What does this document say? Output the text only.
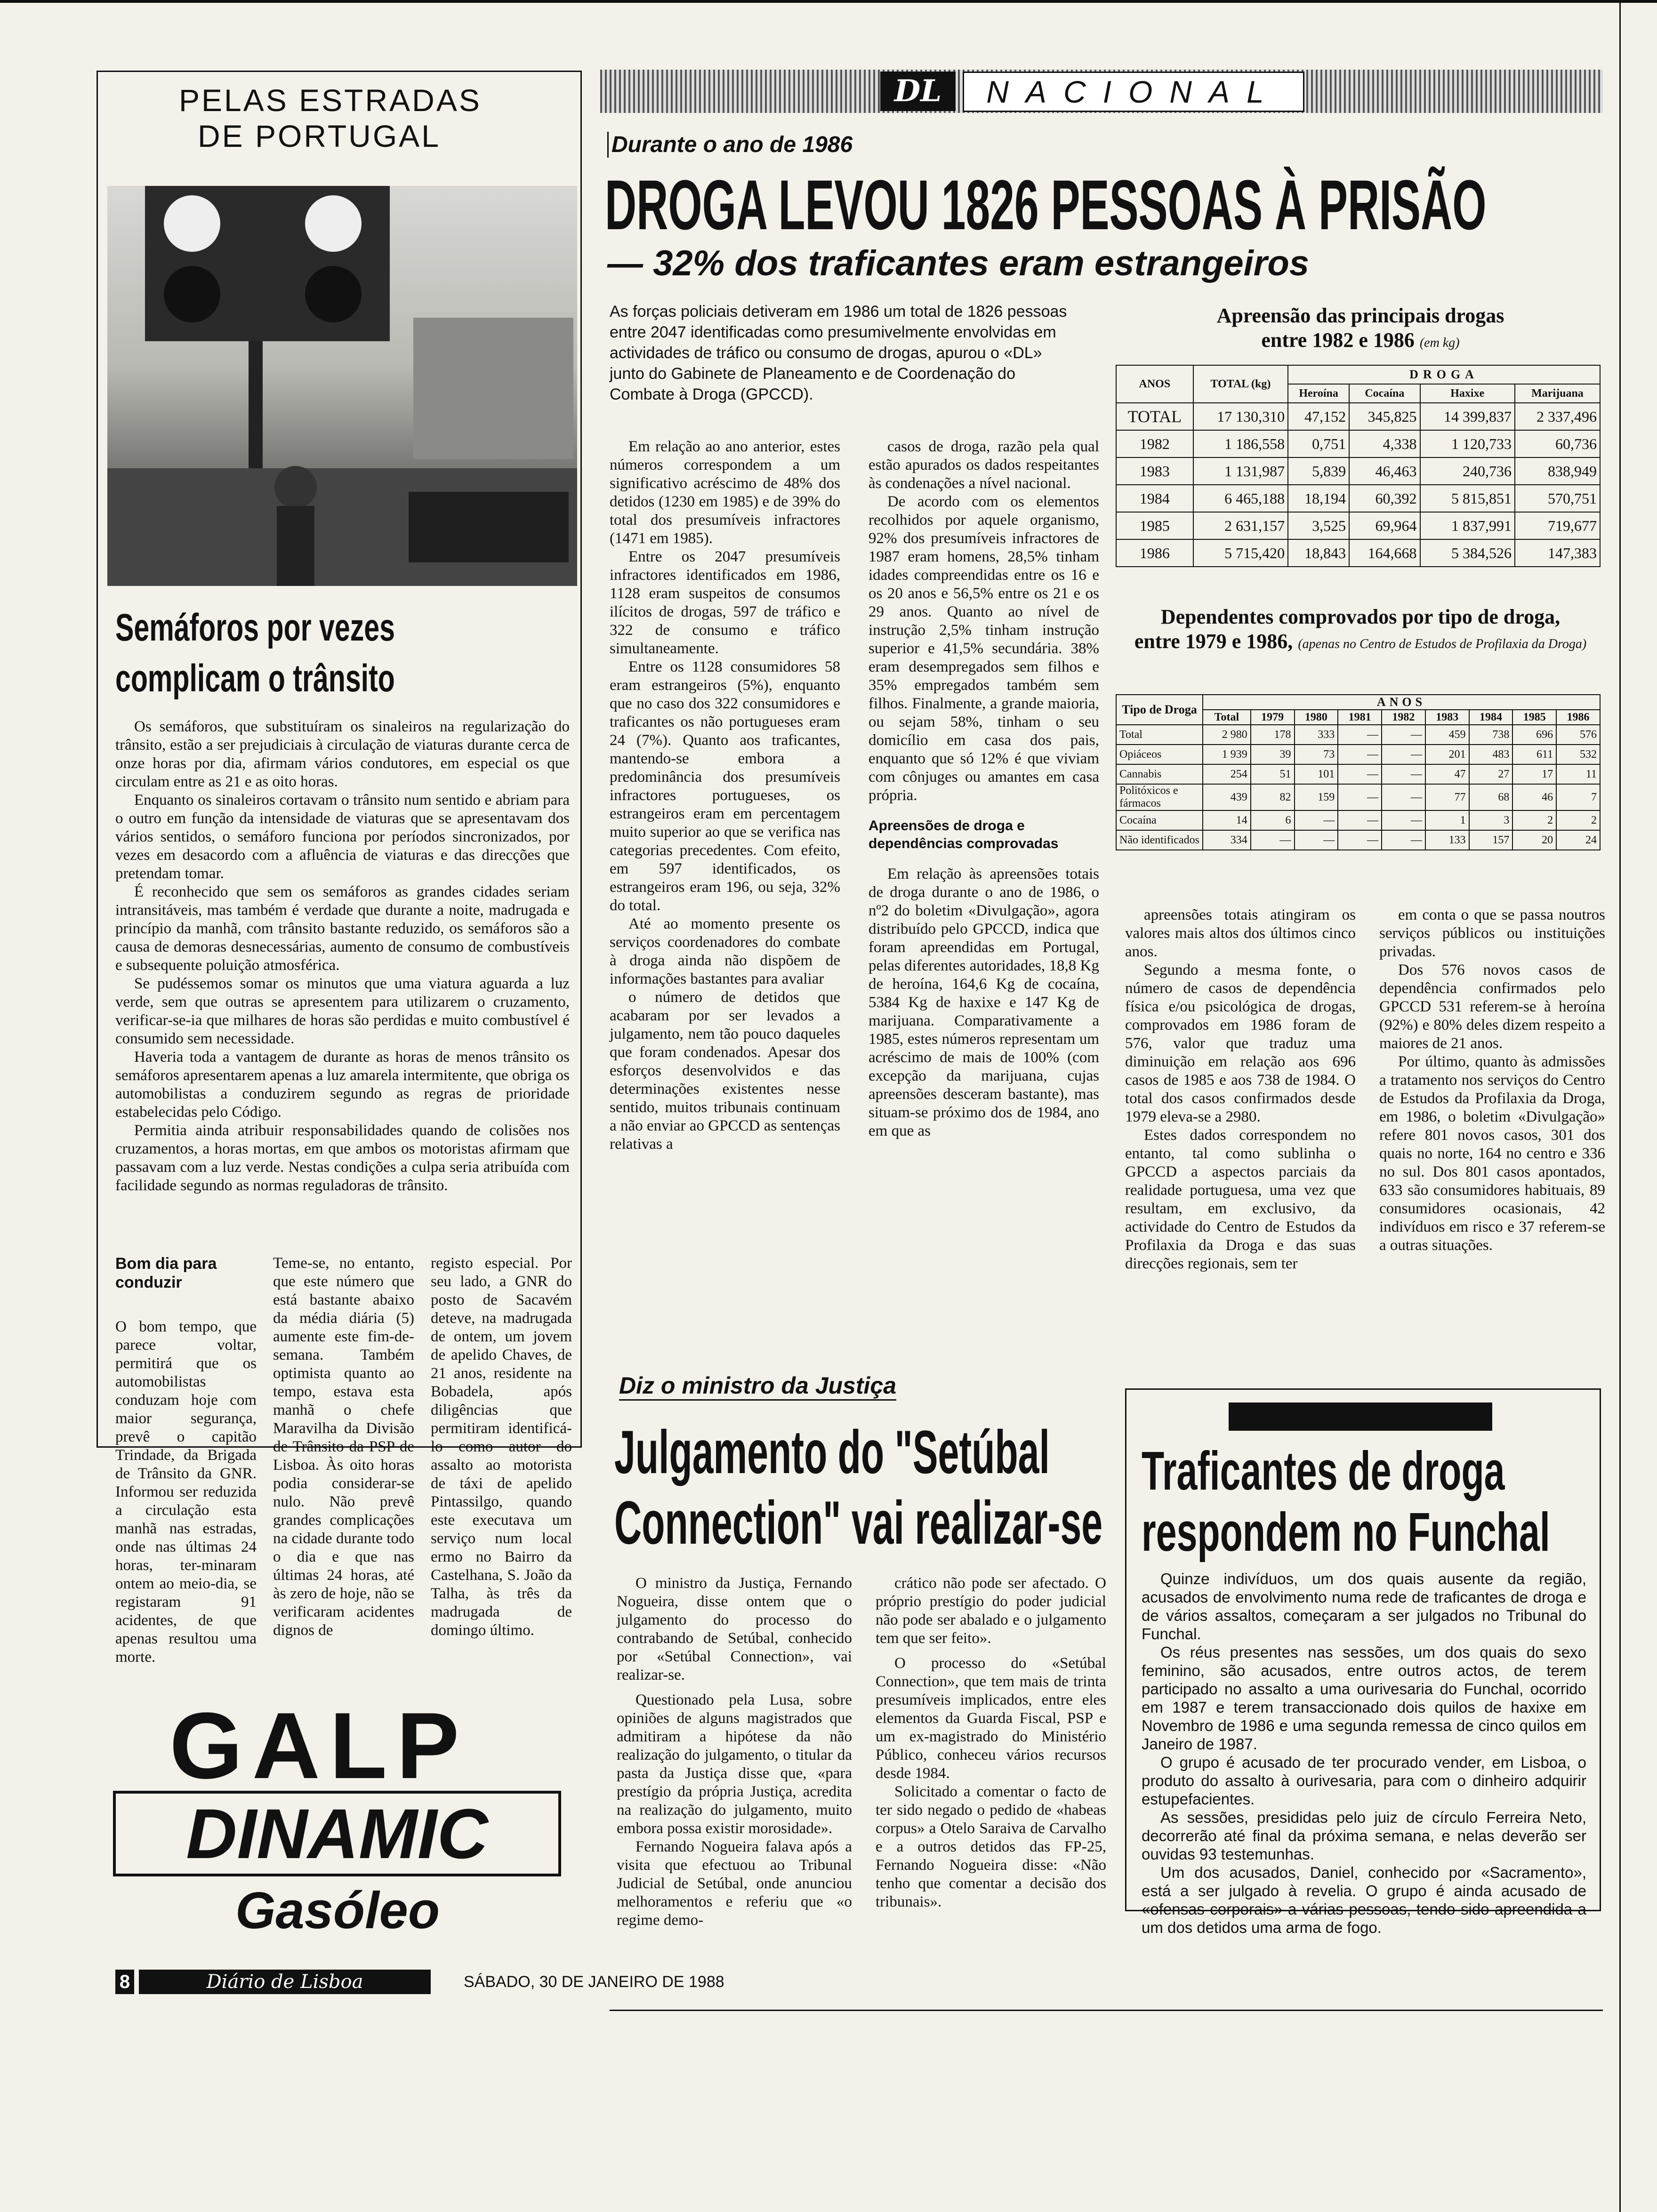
PELAS ESTRADAS
DE PORTUGAL
Semáforos por vezes
complicam o trânsito

Os semáforos, que substituíram os sinaleiros na regularização do trânsito, estão a ser prejudiciais à circulação de viaturas durante cerca de onze horas por dia, afirmam vários condutores, em especial os que circulam entre as 21 e as oito horas.

Enquanto os sinaleiros cortavam o trânsito num sentido e abriam para o outro em função da intensidade de viaturas que se apresentavam dos vários sentidos, o semáforo funciona por períodos sincronizados, por vezes em desacordo com a afluência de viaturas e das direcções que pretendam tomar.

É reconhecido que sem os semáforos as grandes cidades seriam intransitáveis, mas também é verdade que durante a noite, madrugada e princípio da manhã, com trânsito bastante reduzido, os semáforos são a causa de demoras desnecessárias, aumento de consumo de combustíveis e subsequente poluição atmosférica.

Se pudéssemos somar os minutos que uma viatura aguarda a luz verde, sem que outras se apresentem para utilizarem o cruzamento, verificar-se-ia que milhares de horas são perdidas e muito combustível é consumido sem necessidade.

Haveria toda a vantagem de durante as horas de menos trânsito os semáforos apresentarem apenas a luz amarela intermitente, que obriga os automobilistas a conduzirem segundo as regras de prioridade estabelecidas pelo Código.

Permitia ainda atribuir responsabilidades quando de colisões nos cruzamentos, a horas mortas, em que ambos os motoristas afirmam que passavam com a luz verde. Nestas condições a culpa seria atribuída com facilidade segundo as normas reguladoras de trânsito.

Bom dia para conduzir
O bom tempo, que parece voltar, permitirá que os automobilistas conduzam hoje com maior segurança, prevê o capitão Trindade, da Brigada de Trânsito da GNR. Informou ser reduzida a circulação esta manhã nas estradas, onde nas últimas 24 horas, ter-minaram ontem ao meio-dia, se registaram 91 acidentes, de que apenas resultou uma morte.
Teme-se, no entanto, que este número que está bastante abaixo da média diária (5) aumente este fim-de-semana. Também optimista quanto ao tempo, estava esta manhã o chefe Maravilha da Divisão de Trânsito da PSP de Lisboa. Às oito horas podia considerar-se nulo. Não prevê grandes complicações na cidade durante todo o dia e que nas últimas 24 horas, até às zero de hoje, não se verificaram acidentes dignos de
registo especial. Por seu lado, a GNR do posto de Sacavém deteve, na madrugada de ontem, um jovem de apelido Chaves, de 21 anos, residente na Bobadela, após diligências que permitiram identificá-lo como autor do assalto ao motorista de táxi de apelido Pintassilgo, quando este executava um serviço num local ermo no Bairro da Castelhana, S. João da Talha, às três da madrugada de domingo último.
GALP
DINAMIC
Gasóleo
8	Diário de Lisboa	SÁBADO, 30 DE JANEIRO DE 1988
DL	NACIONAL
Durante o ano de 1986
DROGA LEVOU 1826 PESSOAS À PRISÃO
— 32% dos traficantes eram estrangeiros
As forças policiais detiveram em 1986 um total de 1826 pessoas entre 2047 identificadas como presumivelmente envolvidas em actividades de tráfico ou consumo de drogas, apurou o «DL» junto do Gabinete de Planeamento e de Coordenação do Combate à Droga (GPCCD).

Em relação ao ano anterior, estes números correspondem a um significativo acréscimo de 48% dos detidos (1230 em 1985) e de 39% do total dos presumíveis infractores (1471 em 1985).

Entre os 2047 presumíveis infractores identificados em 1986, 1128 eram suspeitos de consumos ilícitos de drogas, 597 de tráfico e 322 de consumo e tráfico simultaneamente.

Entre os 1128 consumidores 58 eram estrangeiros (5%), enquanto que no caso dos 322 consumidores e traficantes os não portugueses eram 24 (7%). Quanto aos traficantes, mantendo-se embora a predominância dos presumíveis infractores portugueses, os estrangeiros eram em percentagem muito superior ao que se verifica nas categorias precedentes. Com efeito, em 597 identificados, os estrangeiros eram 196, ou seja, 32% do total.

Até ao momento presente os serviços coordenadores do combate à droga ainda não dispõem de informações bastantes para avaliar

o número de detidos que acabaram por ser levados a julgamento, nem tão pouco daqueles que foram condenados. Apesar dos esforços desenvolvidos e das determinações existentes nesse sentido, muitos tribunais continuam a não enviar ao GPCCD as sentenças relativas a

casos de droga, razão pela qual estão apurados os dados respeitantes às condenações a nível nacional.

De acordo com os elementos recolhidos por aquele organismo, 92% dos presumíveis infractores de 1987 eram homens, 28,5% tinham idades compreendidas entre os 16 e os 20 anos e 56,5% entre os 21 e os 29 anos. Quanto ao nível de instrução 2,5% tinham instrução superior e 41,5% secundária. 38% eram desempregados sem filhos e 35% empregados também sem filhos. Finalmente, a grande maioria, ou sejam 58%, tinham o seu domicílio em casa dos pais, enquanto que só 12% é que viviam com cônjuges ou amantes em casa própria.

Apreensões de droga e dependências comprovadas

Em relação às apreensões totais de droga durante o ano de 1986, o nº2 do boletim «Divulgação», agora distribuído pelo GPCCD, indica que foram apreendidas em Portugal, pelas diferentes autoridades, 18,8 Kg de heroína, 164,6 Kg de cocaína, 5384 Kg de haxixe e 147 Kg de marijuana. Comparativamente a 1985, estes números representam um acréscimo de mais de 100% (com excepção da marijuana, cujas apreensões desceram bastante), mas situam-se próximo dos de 1984, ano em que as

apreensões totais atingiram os valores mais altos dos últimos cinco anos.

Segundo a mesma fonte, o número de casos de dependência física e/ou psicológica de drogas, comprovados em 1986 foram de 576, valor que traduz uma diminuição em relação aos 696 casos de 1985 e aos 738 de 1984. O total dos casos confirmados desde 1979 eleva-se a 2980.

Estes dados correspondem no entanto, tal como sublinha o GPCCD a aspectos parciais da realidade portuguesa, uma vez que resultam, em exclusivo, da actividade do Centro de Estudos da Profilaxia da Droga e das suas direcções regionais, sem ter

em conta o que se passa noutros serviços públicos ou instituições privadas.

Dos 576 novos casos de dependência confirmados pelo GPCCD 531 referem-se à heroína (92%) e 80% deles dizem respeito a maiores de 21 anos.

Por último, quanto às admissões a tratamento nos serviços do Centro de Estudos da Profilaxia da Droga, em 1986, o boletim «Divulgação» refere 801 novos casos, 301 dos quais no norte, 164 no centro e 336 no sul. Dos 801 casos apontados, 633 são consumidores habituais, 89 consumidores ocasionais, 42 indivíduos em risco e 37 referem-se a outras situações.

Apreensão das principais drogas
entre 1982 e 1986 (em kg)
ANOS	TOTAL (kg)	DROGA			
		Heroína	Cocaína	Haxixe	Marijuana
TOTAL	17 130,310	47,152	345,825	14 399,837	2 337,496
1982	1 186,558	0,751	4,338	1 120,733	60,736
1983	1 131,987	5,839	46,463	240,736	838,949
1984	6 465,188	18,194	60,392	5 815,851	570,751
1985	2 631,157	3,525	69,964	1 837,991	719,677
1986	5 715,420	18,843	164,668	5 384,526	147,383
Dependentes comprovados por tipo de droga,
entre 1979 e 1986, (apenas no Centro de Estudos de Profilaxia da Droga)
Tipo de Droga	ANOS								
	Total	1979	1980	1981	1982	1983	1984	1985	1986
Total	2 980	178	333	—	—	459	738	696	576
Opiáceos	1 939	39	73	—	—	201	483	611	532
Cannabis	254	51	101	—	—	47	27	17	11
Politóxicos e fármacos	439	82	159	—	—	77	68	46	7
Cocaína	14	6	—	—	—	1	3	2	2
Não identificados	334	—	—	—	—	133	157	20	24
Diz o ministro da Justiça
Julgamento do "Setúbal
Connection" vai realizar-se

O ministro da Justiça, Fernando Nogueira, disse ontem que o julgamento do processo do contrabando de Setúbal, conhecido por «Setúbal Connection», vai realizar-se.

Questionado pela Lusa, sobre opiniões de alguns magistrados que admitiram a hipótese da não realização do julgamento, o titular da pasta da Justiça disse que, «para prestígio da própria Justiça, acredita na realização do julgamento, muito embora possa existir morosidade».

Fernando Nogueira falava após a visita que efectuou ao Tribunal Judicial de Setúbal, onde anunciou melhoramentos e referiu que «o regime demo-

crático não pode ser afectado. O próprio prestígio do poder judicial não pode ser abalado e o julgamento tem que ser feito».

O processo do «Setúbal Connection», que tem mais de trinta presumíveis implicados, entre eles elementos da Guarda Fiscal, PSP e um ex-magistrado do Ministério Público, conheceu vários recursos desde 1984.

Solicitado a comentar o facto de ter sido negado o pedido de «habeas corpus» a Otelo Saraiva de Carvalho e a outros detidos das FP-25, Fernando Nogueira disse: «Não tenho que comentar a decisão dos tribunais».

Traficantes de droga
respondem no Funchal

Quinze indivíduos, um dos quais ausente da região, acusados de envolvimento numa rede de traficantes de droga e de vários assaltos, começaram a ser julgados no Tribunal do Funchal.

Os réus presentes nas sessões, um dos quais do sexo feminino, são acusados, entre outros actos, de terem participado no assalto a uma ourivesaria do Funchal, ocorrido em 1987 e terem transaccionado dois quilos de haxixe em Novembro de 1986 e uma segunda remessa de cinco quilos em Janeiro de 1987.

O grupo é acusado de ter procurado vender, em Lisboa, o produto do assalto à ourivesaria, para com o dinheiro adquirir estupefacientes.

As sessões, presididas pelo juiz de círculo Ferreira Neto, decorrerão até final da próxima semana, e nelas deverão ser ouvidas 93 testemunhas.

Um dos acusados, Daniel, conhecido por «Sacramento», está a ser julgado à revelia. O grupo é ainda acusado de «ofensas corporais» a várias pessoas, tendo sido apreendida a um dos detidos uma arma de fogo.
